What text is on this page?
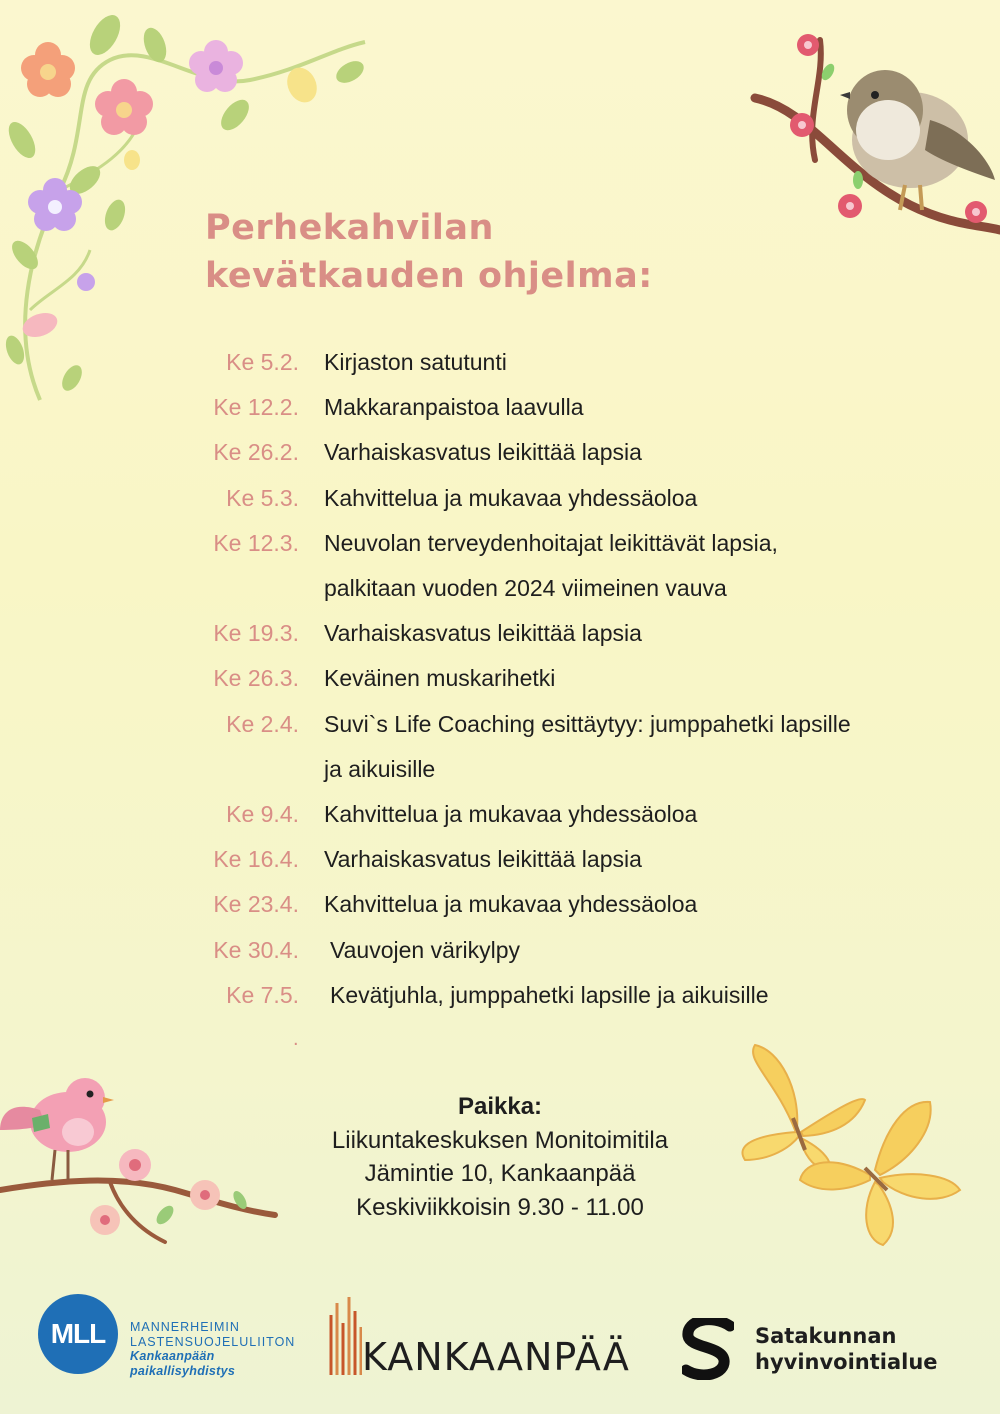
Perhekahvilan
kevätkauden ohjelma:
Ke 5.2. Kirjaston satutunti
Ke 12.2. Makkaranpaistoa laavulla
Ke 26.2. Varhaiskasvatus leikittää lapsia
Ke 5.3. Kahvittelua ja mukavaa yhdessäoloa
Ke 12.3. Neuvolan terveydenhoitajat leikittävät lapsia,
palkitaan vuoden 2024 viimeinen vauva
Ke 19.3. Varhaiskasvatus leikittää lapsia
Ke 26.3. Keväinen muskarihetki
Ke 2.4. Suvi`s Life Coaching esittäytyy: jumppahetki lapsille
ja aikuisille
Ke 9.4. Kahvittelua ja mukavaa yhdessäoloa
Ke 16.4. Varhaiskasvatus leikittää lapsia
Ke 23.4. Kahvittelua ja mukavaa yhdessäoloa
Ke 30.4. Vauvojen värikylpy
Ke 7.5. Kevätjuhla, jumppahetki lapsille ja aikuisille
.
Paikka:
Liikuntakeskuksen Monitoimitila
Jämintie 10, Kankaanpää
Keskiviikkoisin 9.30 - 11.00
MLL	MANNERHEIMIN
LASTENSUOJELULIITON
Kankaanpään
paikallisyhdistys	KANKAANPÄÄ	Satakunnan
hyvinvointialue
